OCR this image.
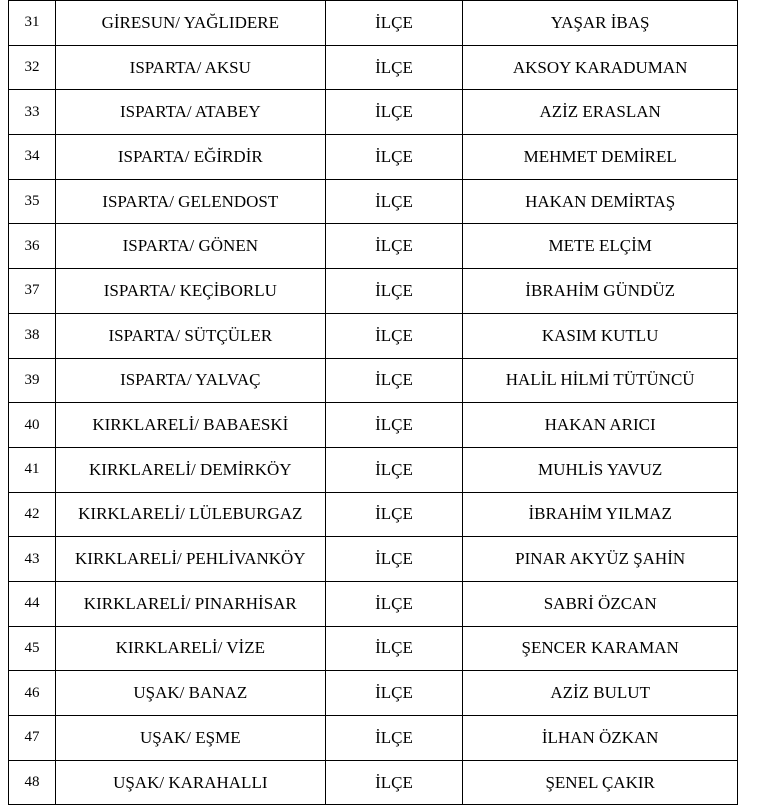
31	GİRESUN/ YAĞLIDERE	İLÇE	YAŞAR İBAŞ
32	ISPARTA/ AKSU	İLÇE	AKSOY KARADUMAN
33	ISPARTA/ ATABEY	İLÇE	AZİZ ERASLAN
34	ISPARTA/ EĞİRDİR	İLÇE	MEHMET DEMİREL
35	ISPARTA/ GELENDOST	İLÇE	HAKAN DEMİRTAŞ
36	ISPARTA/ GÖNEN	İLÇE	METE ELÇİM
37	ISPARTA/ KEÇİBORLU	İLÇE	İBRAHİM GÜNDÜZ
38	ISPARTA/ SÜTÇÜLER	İLÇE	KASIM KUTLU
39	ISPARTA/ YALVAÇ	İLÇE	HALİL HİLMİ TÜTÜNCÜ
40	KIRKLARELİ/ BABAESKİ	İLÇE	HAKAN ARICI
41	KIRKLARELİ/ DEMİRKÖY	İLÇE	MUHLİS YAVUZ
42	KIRKLARELİ/ LÜLEBURGAZ	İLÇE	İBRAHİM YILMAZ
43	KIRKLARELİ/ PEHLİVANKÖY	İLÇE	PINAR AKYÜZ ŞAHİN
44	KIRKLARELİ/ PINARHİSAR	İLÇE	SABRİ ÖZCAN
45	KIRKLARELİ/ VİZE	İLÇE	ŞENCER KARAMAN
46	UŞAK/ BANAZ	İLÇE	AZİZ BULUT
47	UŞAK/ EŞME	İLÇE	İLHAN ÖZKAN
48	UŞAK/ KARAHALLI	İLÇE	ŞENEL ÇAKIR
